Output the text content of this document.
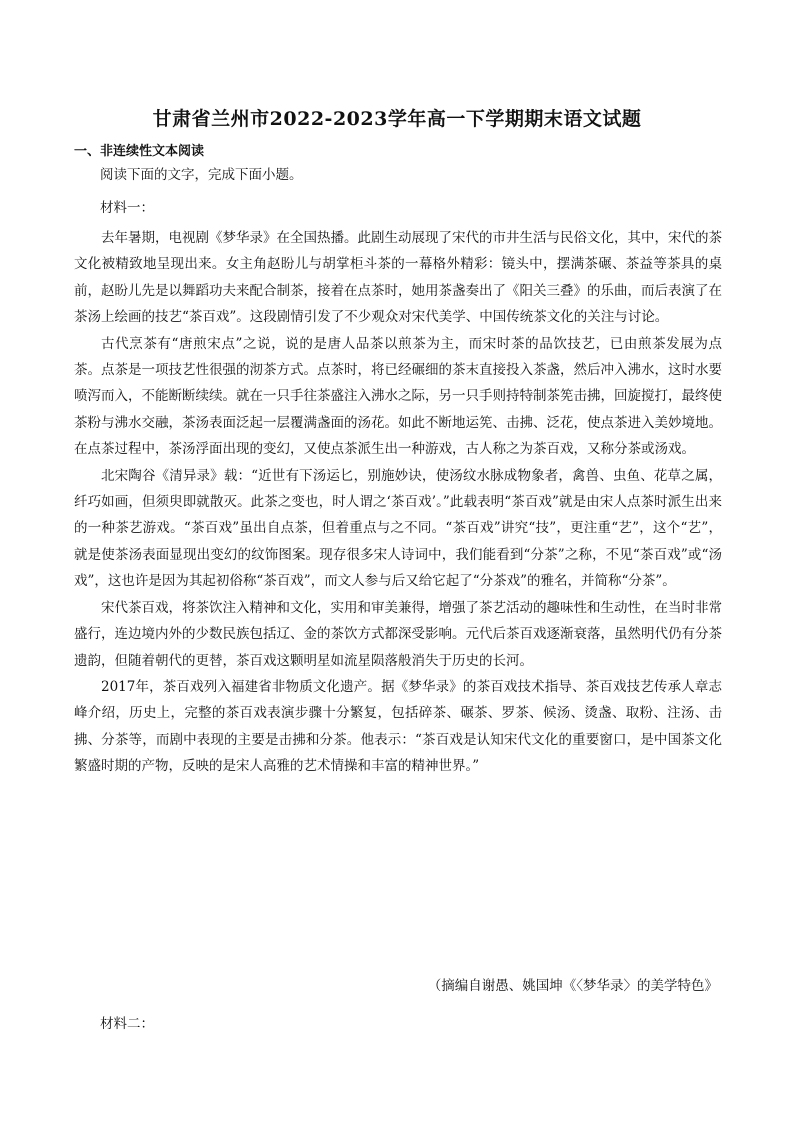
甘肃省兰州市2022-2023学年高一下学期期末语文试题
一、非连续性文本阅读
阅读下面的文字，完成下面小题。
材料一：

去年暑期，电视剧《梦华录》在全国热播。此剧生动展现了宋代的市井生活与民俗文化，其中，宋代的茶文化被精致地呈现出来。女主角赵盼儿与胡掌柜斗茶的一幕格外精彩：镜头中，摆满茶碾、茶益等茶具的桌前，赵盼儿先是以舞蹈功夫来配合制茶，接着在点茶时，她用茶盏奏出了《阳关三叠》的乐曲，而后表演了在茶汤上绘画的技艺“茶百戏”。这段剧情引发了不少观众对宋代美学、中国传统茶文化的关注与讨论。

古代烹茶有“唐煎宋点”之说，说的是唐人品茶以煎茶为主，而宋时茶的品饮技艺，已由煎茶发展为点茶。点茶是一项技艺性很强的沏茶方式。点茶时，将已经碾细的茶末直接投入茶盏，然后冲入沸水，这时水要喷泻而入，不能断断续续。就在一只手往茶盛注入沸水之际，另一只手则持特制茶筅击拂，回旋搅打，最终使茶粉与沸水交融，茶汤表面泛起一层覆满盏面的汤花。如此不断地运筅、击拂、泛花，使点茶进入美妙境地。在点茶过程中，茶汤浮面出现的变幻，又使点茶派生出一种游戏，古人称之为茶百戏，又称分茶或汤戏。

北宋陶谷《清异录》载：“近世有下汤运匕，别施妙诀，使汤纹水脉成物象者，禽兽、虫鱼、花草之属，纤巧如画，但须臾即就散灭。此茶之变也，时人谓之‘茶百戏’。”此载表明“茶百戏”就是由宋人点茶时派生出来的一种茶艺游戏。“茶百戏”虽出自点茶，但着重点与之不同。“茶百戏”讲究“技”，更注重“艺”，这个“艺”，就是使茶汤表面显现出变幻的纹饰图案。现存很多宋人诗词中，我们能看到“分茶”之称，不见“茶百戏”或“汤戏”，这也许是因为其起初俗称“茶百戏”，而文人参与后又给它起了“分茶戏”的雅名，并简称“分茶”。

宋代茶百戏，将茶饮注入精神和文化，实用和审美兼得，增强了茶艺活动的趣味性和生动性，在当时非常盛行，连边境内外的少数民族包括辽、金的茶饮方式都深受影响。元代后茶百戏逐渐衰落，虽然明代仍有分茶遗韵，但随着朝代的更替，茶百戏这颗明星如流星陨落般消失于历史的长河。

2017年，茶百戏列入福建省非物质文化遗产。据《梦华录》的茶百戏技术指导、茶百戏技艺传承人章志峰介绍，历史上，完整的茶百戏表演步骤十分繁复，包括碎茶、碾茶、罗茶、候汤、烫盏、取粉、注汤、击拂、分茶等，而剧中表现的主要是击拂和分茶。他表示：“茶百戏是认知宋代文化的重要窗口，是中国茶文化繁盛时期的产物，反映的是宋人高雅的艺术情操和丰富的精神世界。”

（摘编自谢愚、姚国坤《〈梦华录〉的美学特色》
材料二：
